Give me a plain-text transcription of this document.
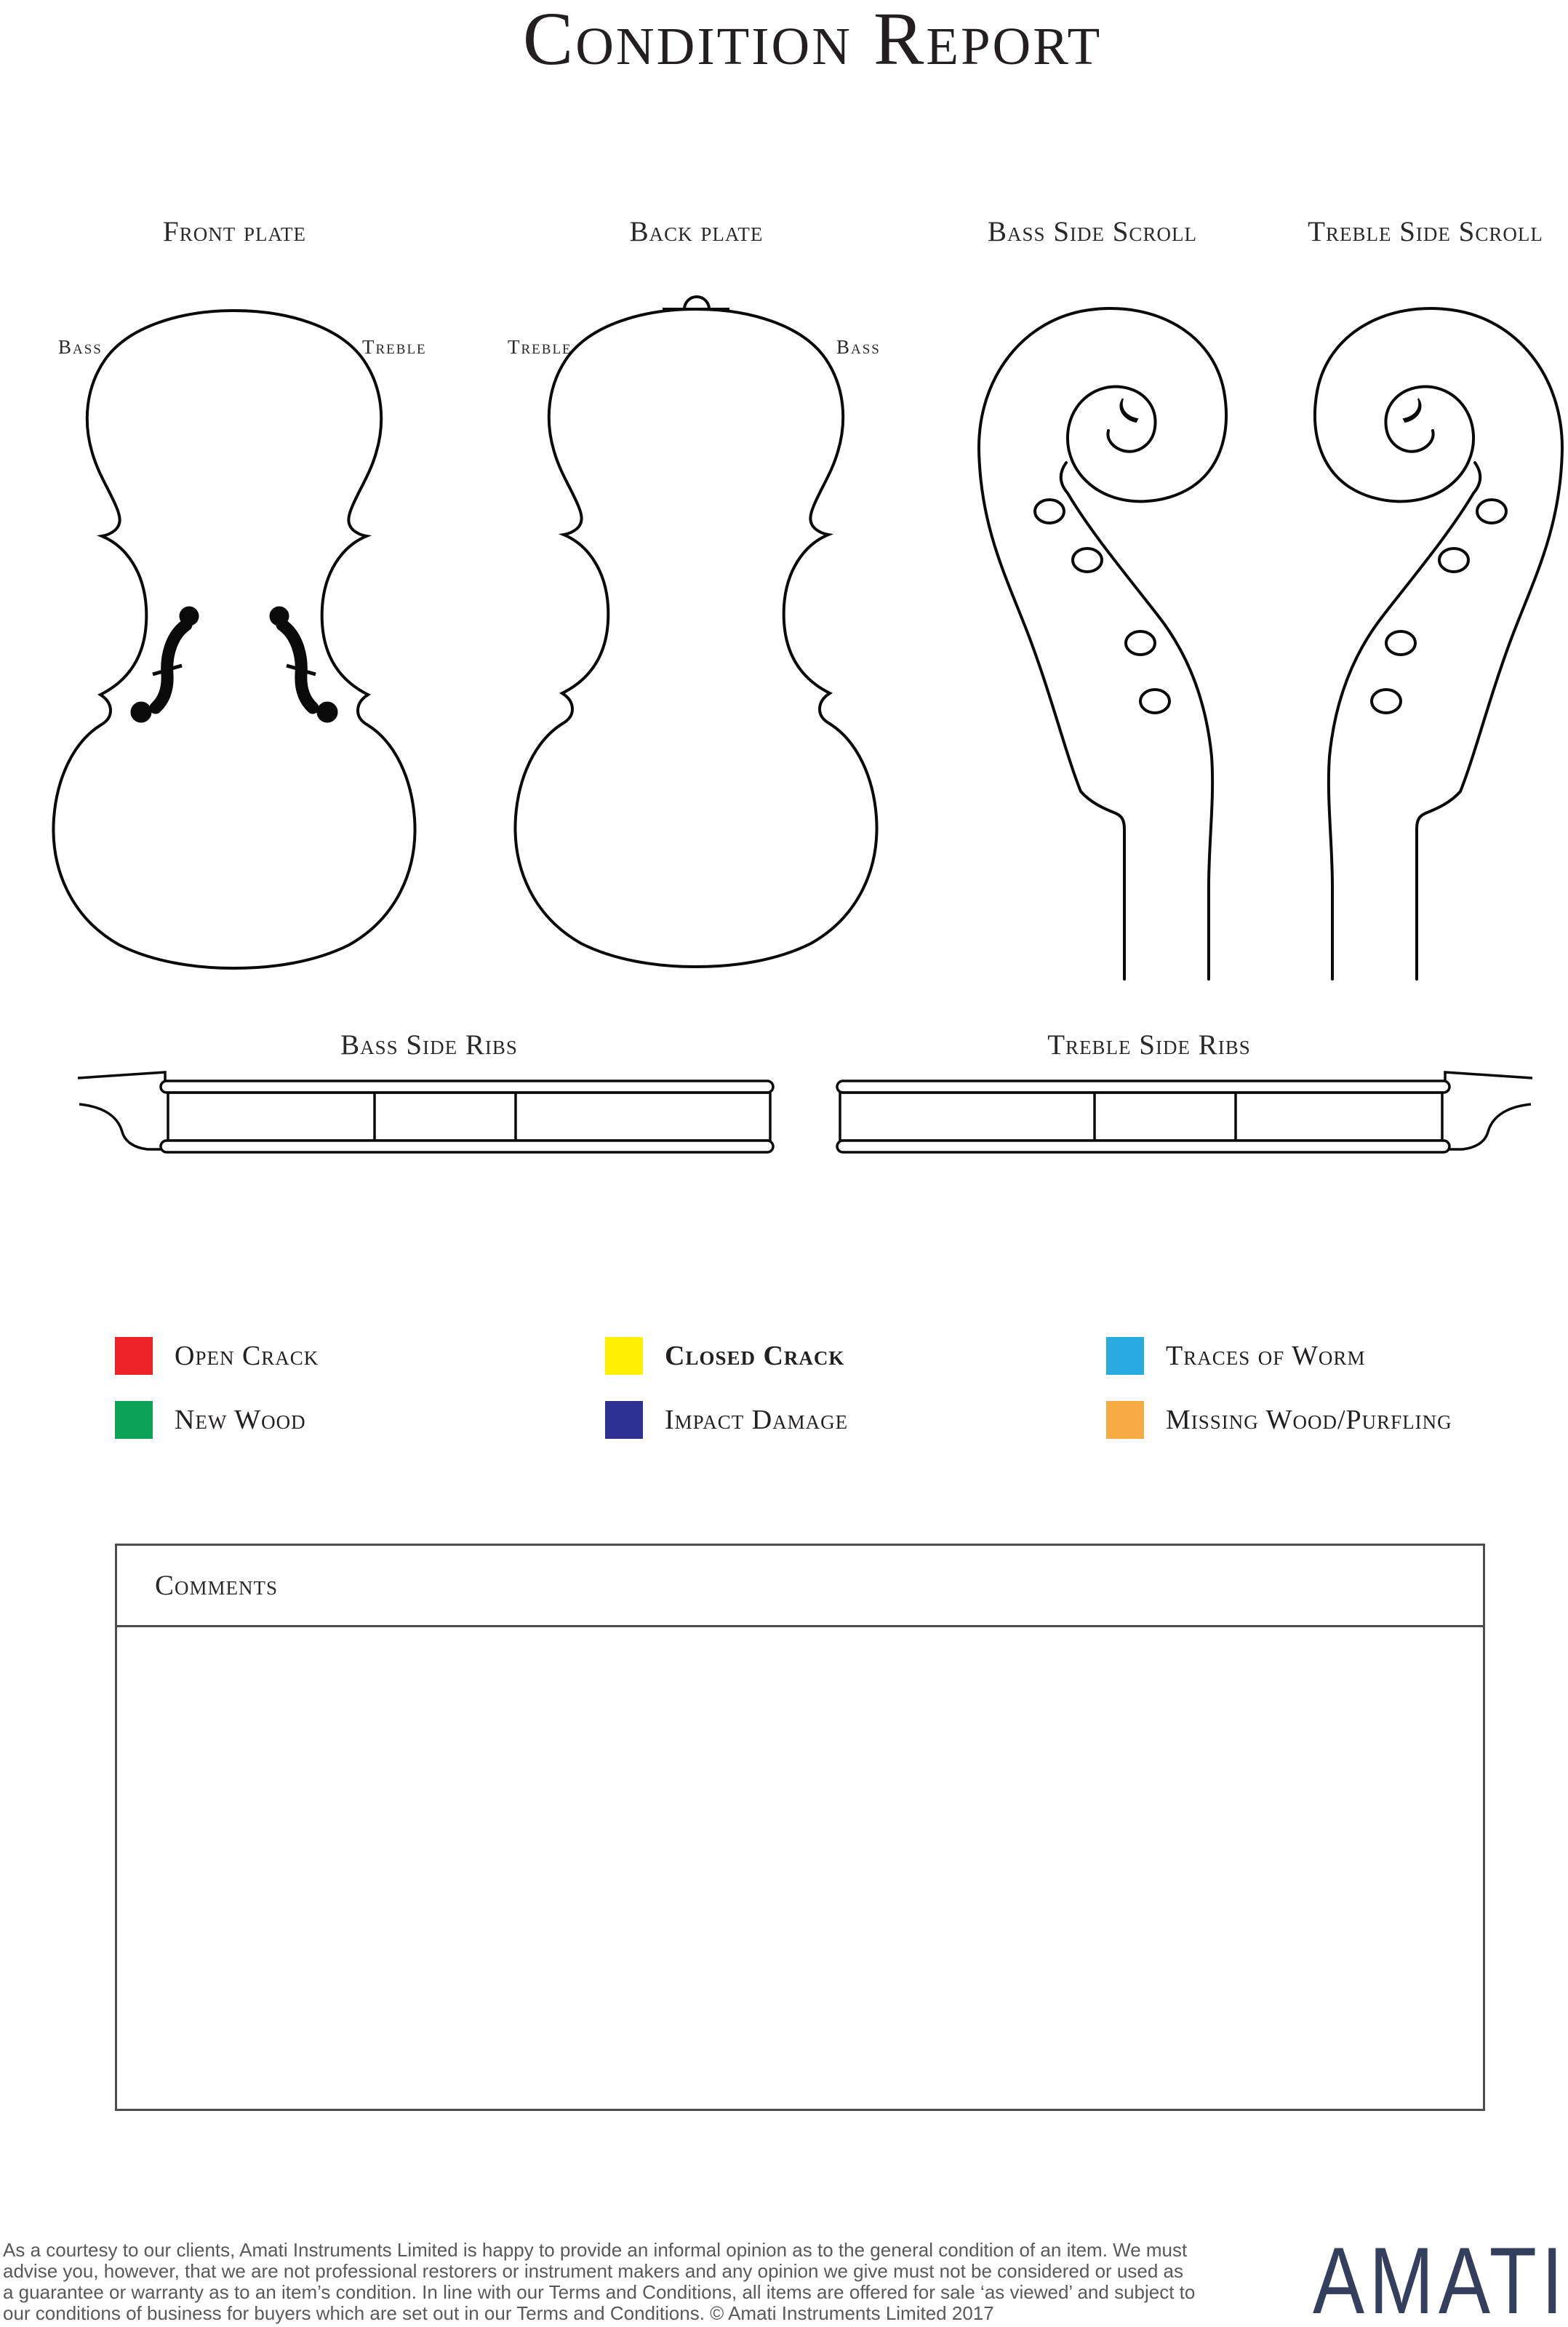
Condition Report
Front plate	Back plate	Bass Side Scroll	Treble Side Scroll
Bass	Treble	Treble	Bass
Bass Side Ribs	Treble Side Ribs
Open Crack	Closed Crack	Traces of Worm
New Wood	Impact Damage	Missing Wood/Purfling
Comments
As a courtesy to our clients, Amati Instruments Limited is happy to provide an informal opinion as to the general condition of an item. We must
advise you, however, that we are not professional restorers or instrument makers and any opinion we give must not be considered or used as
a guarantee or warranty as to an item’s condition. In line with our Terms and Conditions, all items are offered for sale ‘as viewed’ and subject to
our conditions of business for buyers which are set out in our Terms and Conditions. © Amati Instruments Limited 2017	AMATI
